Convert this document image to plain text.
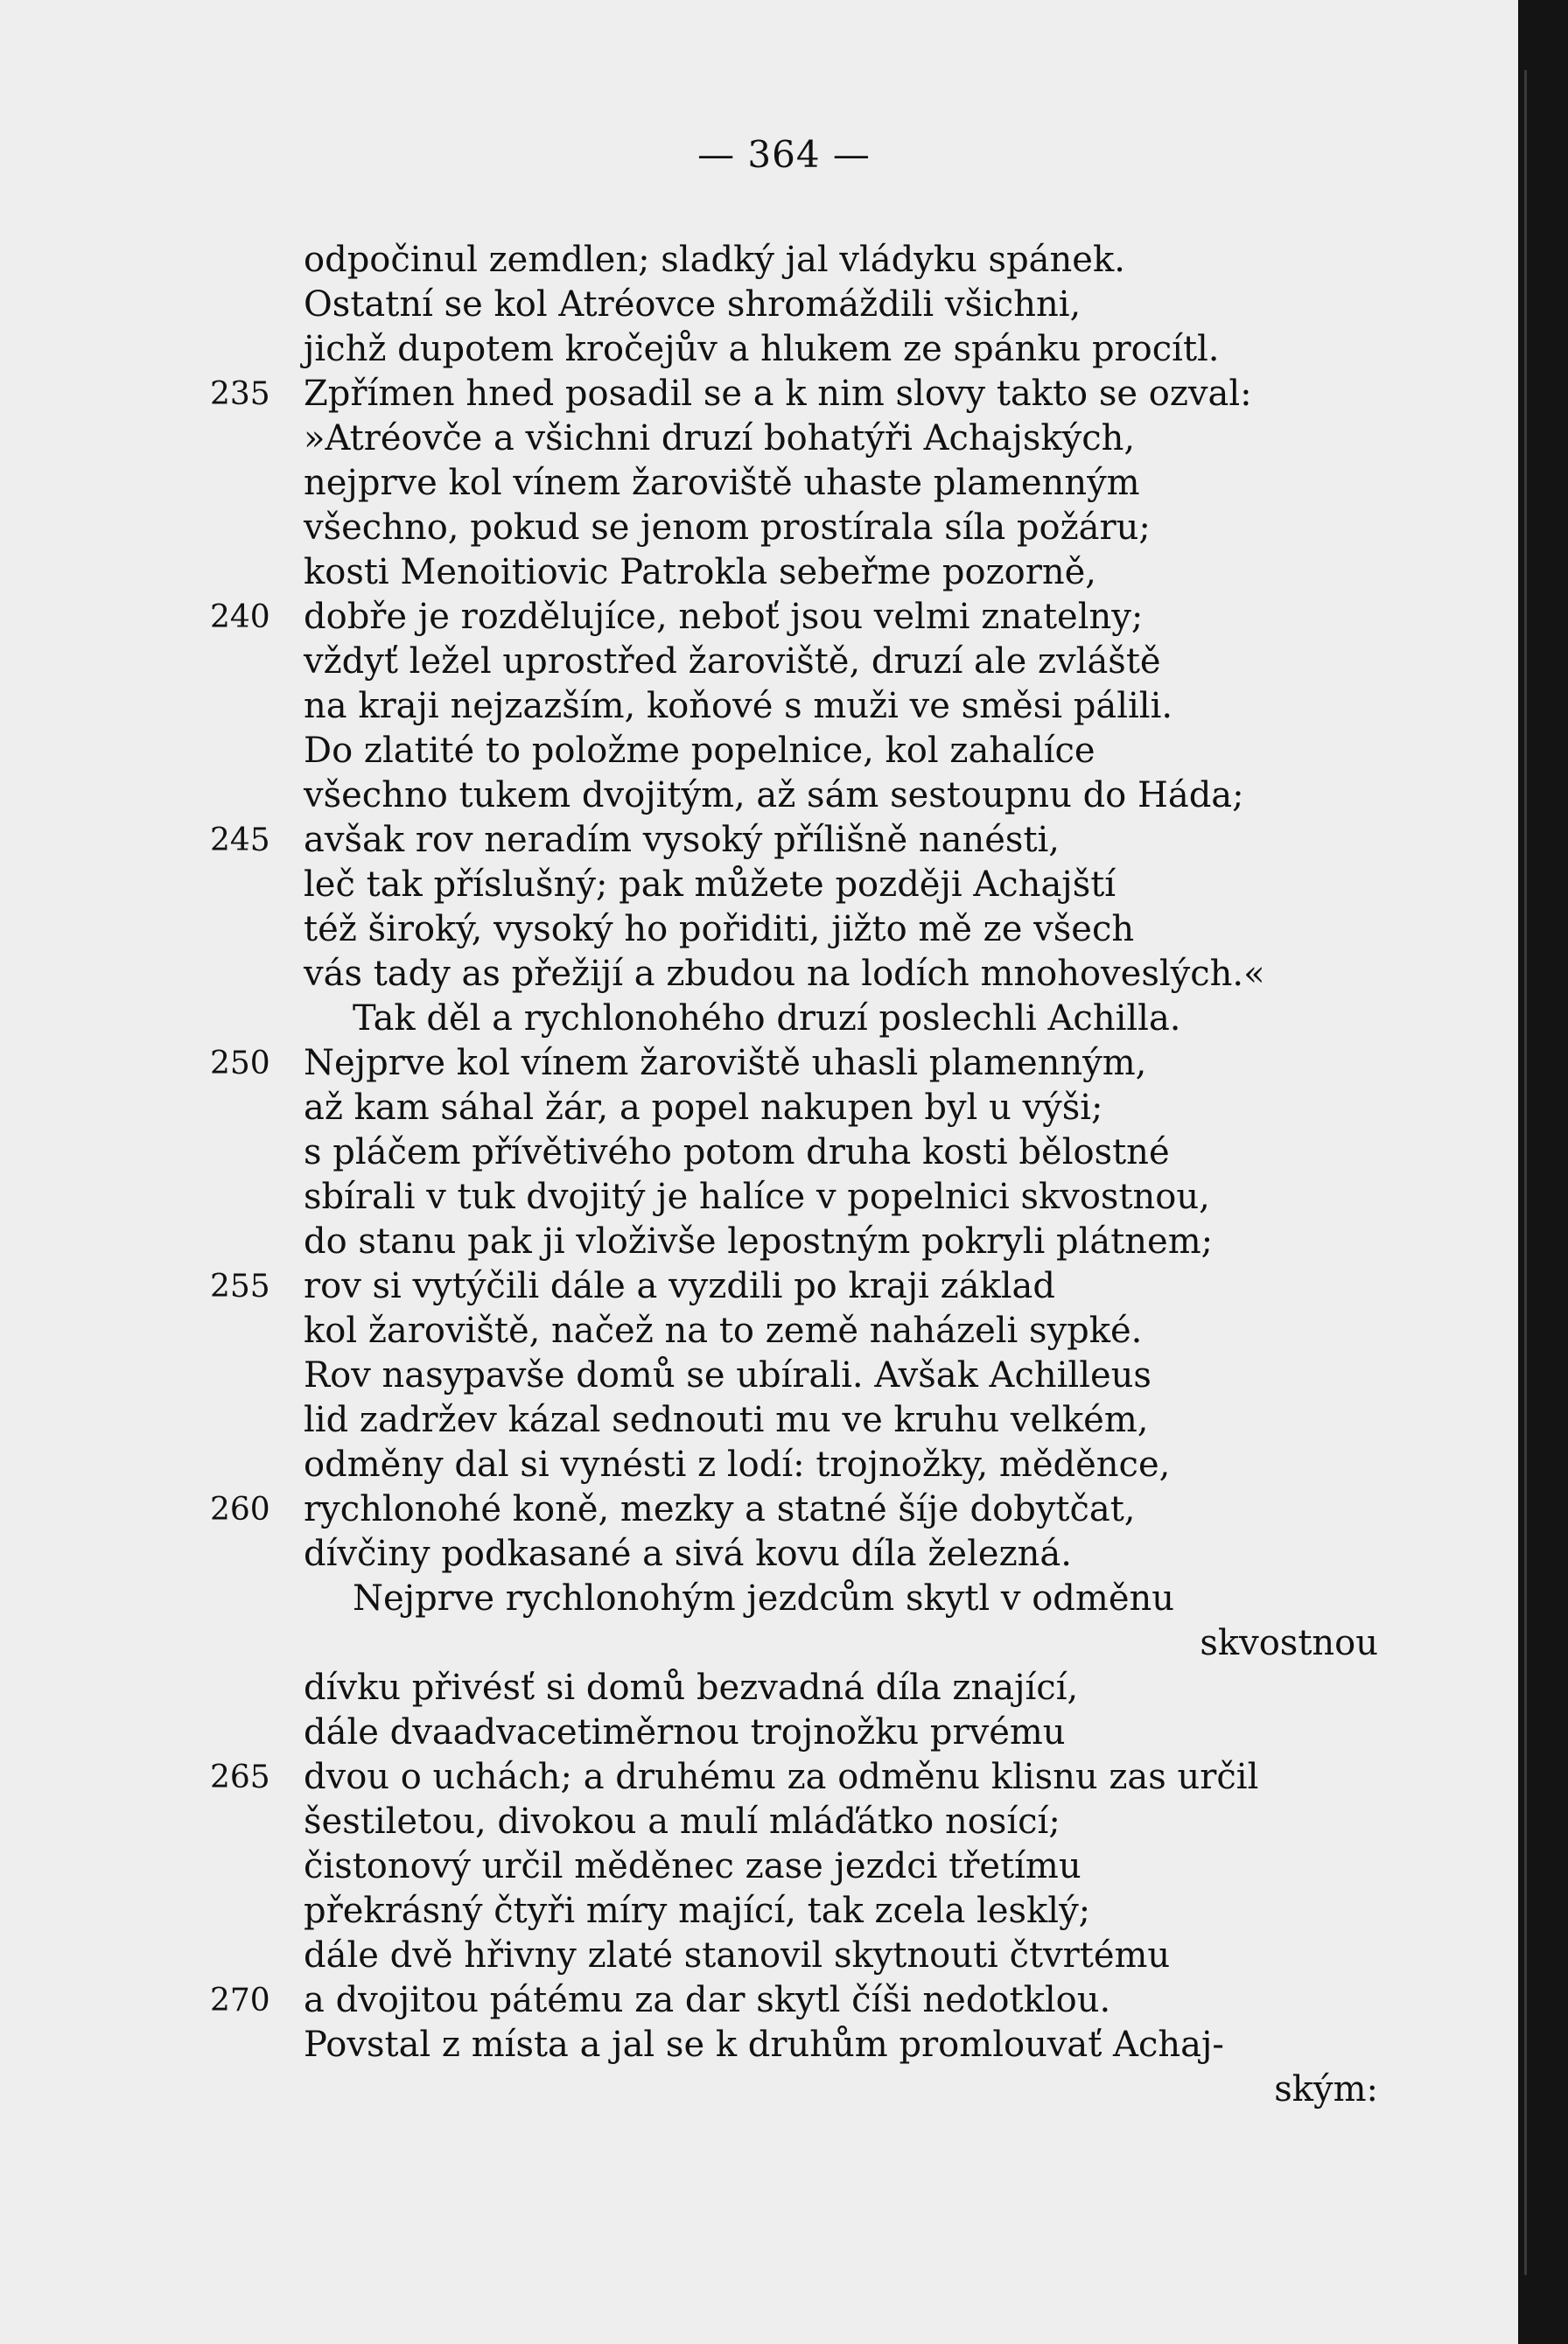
— 364 —
odpočinul zemdlen; sladký jal vládyku spánek.
Ostatní se kol Atréovce shromáždili všichni,
jichž dupotem kročejův a hlukem ze spánku procítl.
235 Zpřímen hned posadil se a k nim slovy takto se ozval:
»Atréovče a všichni druzí bohatýři Achajských,
nejprve kol vínem žaroviště uhaste plamenným
všechno, pokud se jenom prostírala síla požáru;
kosti Menoitiovic Patrokla sebeřme pozorně,
240 dobře je rozdělujíce, neboť jsou velmi znatelny;
vždyť ležel uprostřed žaroviště, druzí ale zvláště
na kraji nejzazším, koňové s muži ve směsi pálili.
Do zlatité to položme popelnice, kol zahalíce
všechno tukem dvojitým, až sám sestoupnu do Háda;
245 avšak rov neradím vysoký přílišně nanésti,
leč tak příslušný; pak můžete později Achajští
též široký, vysoký ho pořiditi, jižto mě ze všech
vás tady as přežijí a zbudou na lodích mnohoveslých.«
Tak děl a rychlonohého druzí poslechli Achilla.
250 Nejprve kol vínem žaroviště uhasli plamenným,
až kam sáhal žár, a popel nakupen byl u výši;
s pláčem přívětivého potom druha kosti bělostné
sbírali v tuk dvojitý je halíce v popelnici skvostnou,
do stanu pak ji vloživše lepostným pokryli plátnem;
255 rov si vytýčili dále a vyzdili po kraji základ
kol žaroviště, načež na to země naházeli sypké.
Rov nasypavše domů se ubírali. Avšak Achilleus
lid zadržev kázal sednouti mu ve kruhu velkém,
odměny dal si vynésti z lodí: trojnožky, měděnce,
260 rychlonohé koně, mezky a statné šíje dobytčat,
dívčiny podkasané a sivá kovu díla železná.
Nejprve rychlonohým jezdcům skytl v odměnu
skvostnou
dívku přivésť si domů bezvadná díla znající,
dále dvaadvacetiměrnou trojnožku prvému
265 dvou o uchách; a druhému za odměnu klisnu zas určil
šestiletou, divokou a mulí mláďátko nosící;
čistonový určil měděnec zase jezdci třetímu
překrásný čtyři míry mající, tak zcela lesklý;
dále dvě hřivny zlaté stanovil skytnouti čtvrtému
270 a dvojitou pátému za dar skytl číši nedotklou.
Povstal z místa a jal se k druhům promlouvať Achaj-
ským:
